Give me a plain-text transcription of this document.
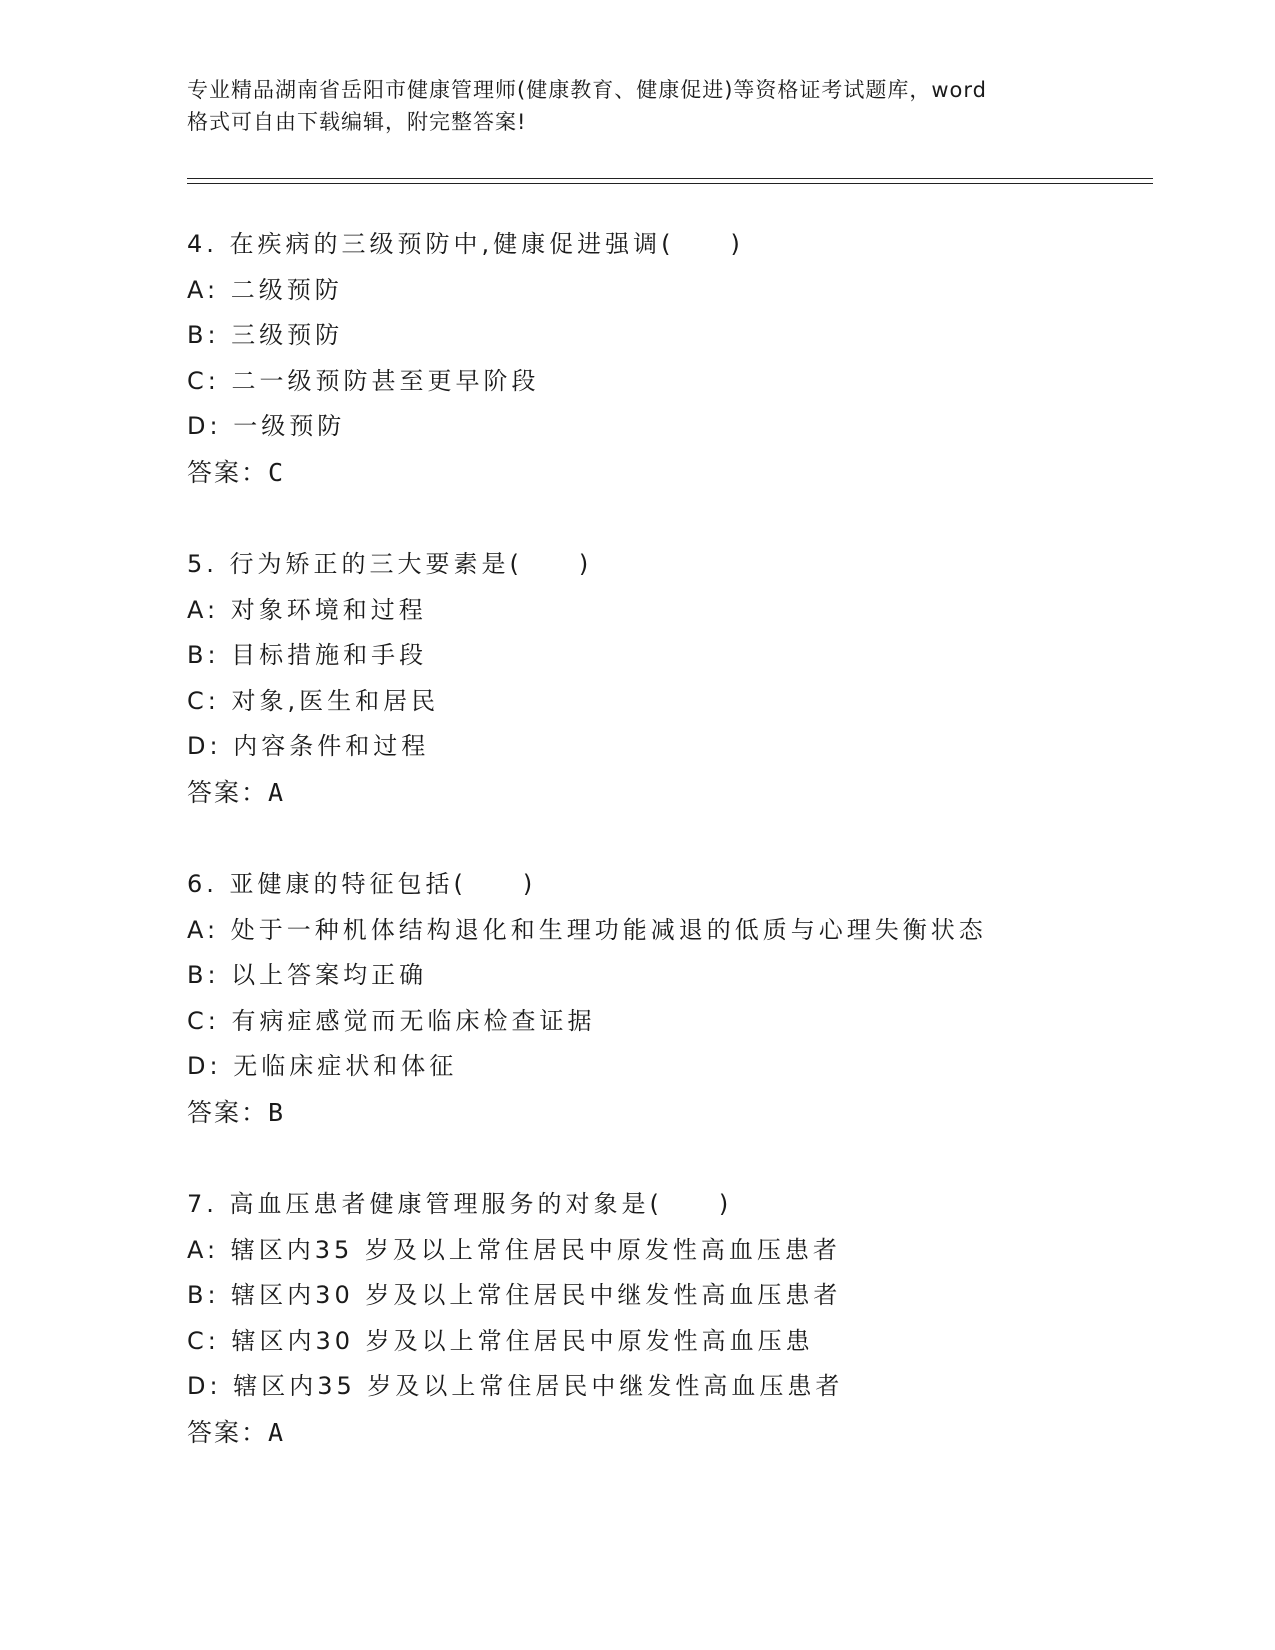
专业精品湖南省岳阳市健康管理师(健康教育、健康促进)等资格证考试题库，word
格式可自由下载编辑，附完整答案!
4. 在疾病的三级预防中,健康促进强调(　　)
A: 二级预防
B: 三级预防
C: 二一级预防甚至更早阶段
D: 一级预防
答案：C
5. 行为矫正的三大要素是(　　)
A: 对象环境和过程
B: 目标措施和手段
C: 对象,医生和居民
D: 内容条件和过程
答案：A
6. 亚健康的特征包括(　　)
A: 处于一种机体结构退化和生理功能减退的低质与心理失衡状态
B: 以上答案均正确
C: 有病症感觉而无临床检查证据
D: 无临床症状和体征
答案：B
7. 高血压患者健康管理服务的对象是(　　)
A: 辖区内35 岁及以上常住居民中原发性高血压患者
B: 辖区内30 岁及以上常住居民中继发性高血压患者
C: 辖区内30 岁及以上常住居民中原发性高血压患
D: 辖区内35 岁及以上常住居民中继发性高血压患者
答案：A
